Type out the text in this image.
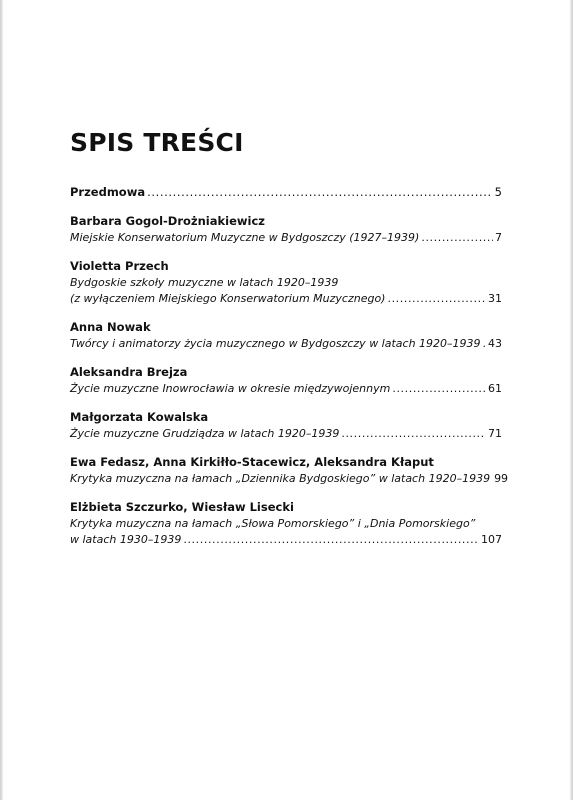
SPIS TREŚCI
Przedmowa .....	5
Barbara Gogol-Drożniakiewicz
Miejskie Konserwatorium Muzyczne w Bydgoszczy (1927–1939) .....	7
Violetta Przech
Bydgoskie szkoły muzyczne w latach 1920–1939
(z wyłączeniem Miejskiego Konserwatorium Muzycznego) .....	31
Anna Nowak
Twórcy i animatorzy życia muzycznego w Bydgoszczy w latach 1920–1939 ..... 43
Aleksandra Brejza
Życie muzyczne Inowrocławia w okresie międzywojennym .....	61
Małgorzata Kowalska
Życie muzyczne Grudziądza w latach 1920–1939 .....	71
Ewa Fedasz, Anna Kirkiłło-Stacewicz, Aleksandra Kłaput
Krytyka muzyczna na łamach „Dziennika Bydgoskiego” w latach 1920–1939 99
Elżbieta Szczurko, Wiesław Lisecki
Krytyka muzyczna na łamach „Słowa Pomorskiego” i „Dnia Pomorskiego”
w latach 1930–1939 .....	107
